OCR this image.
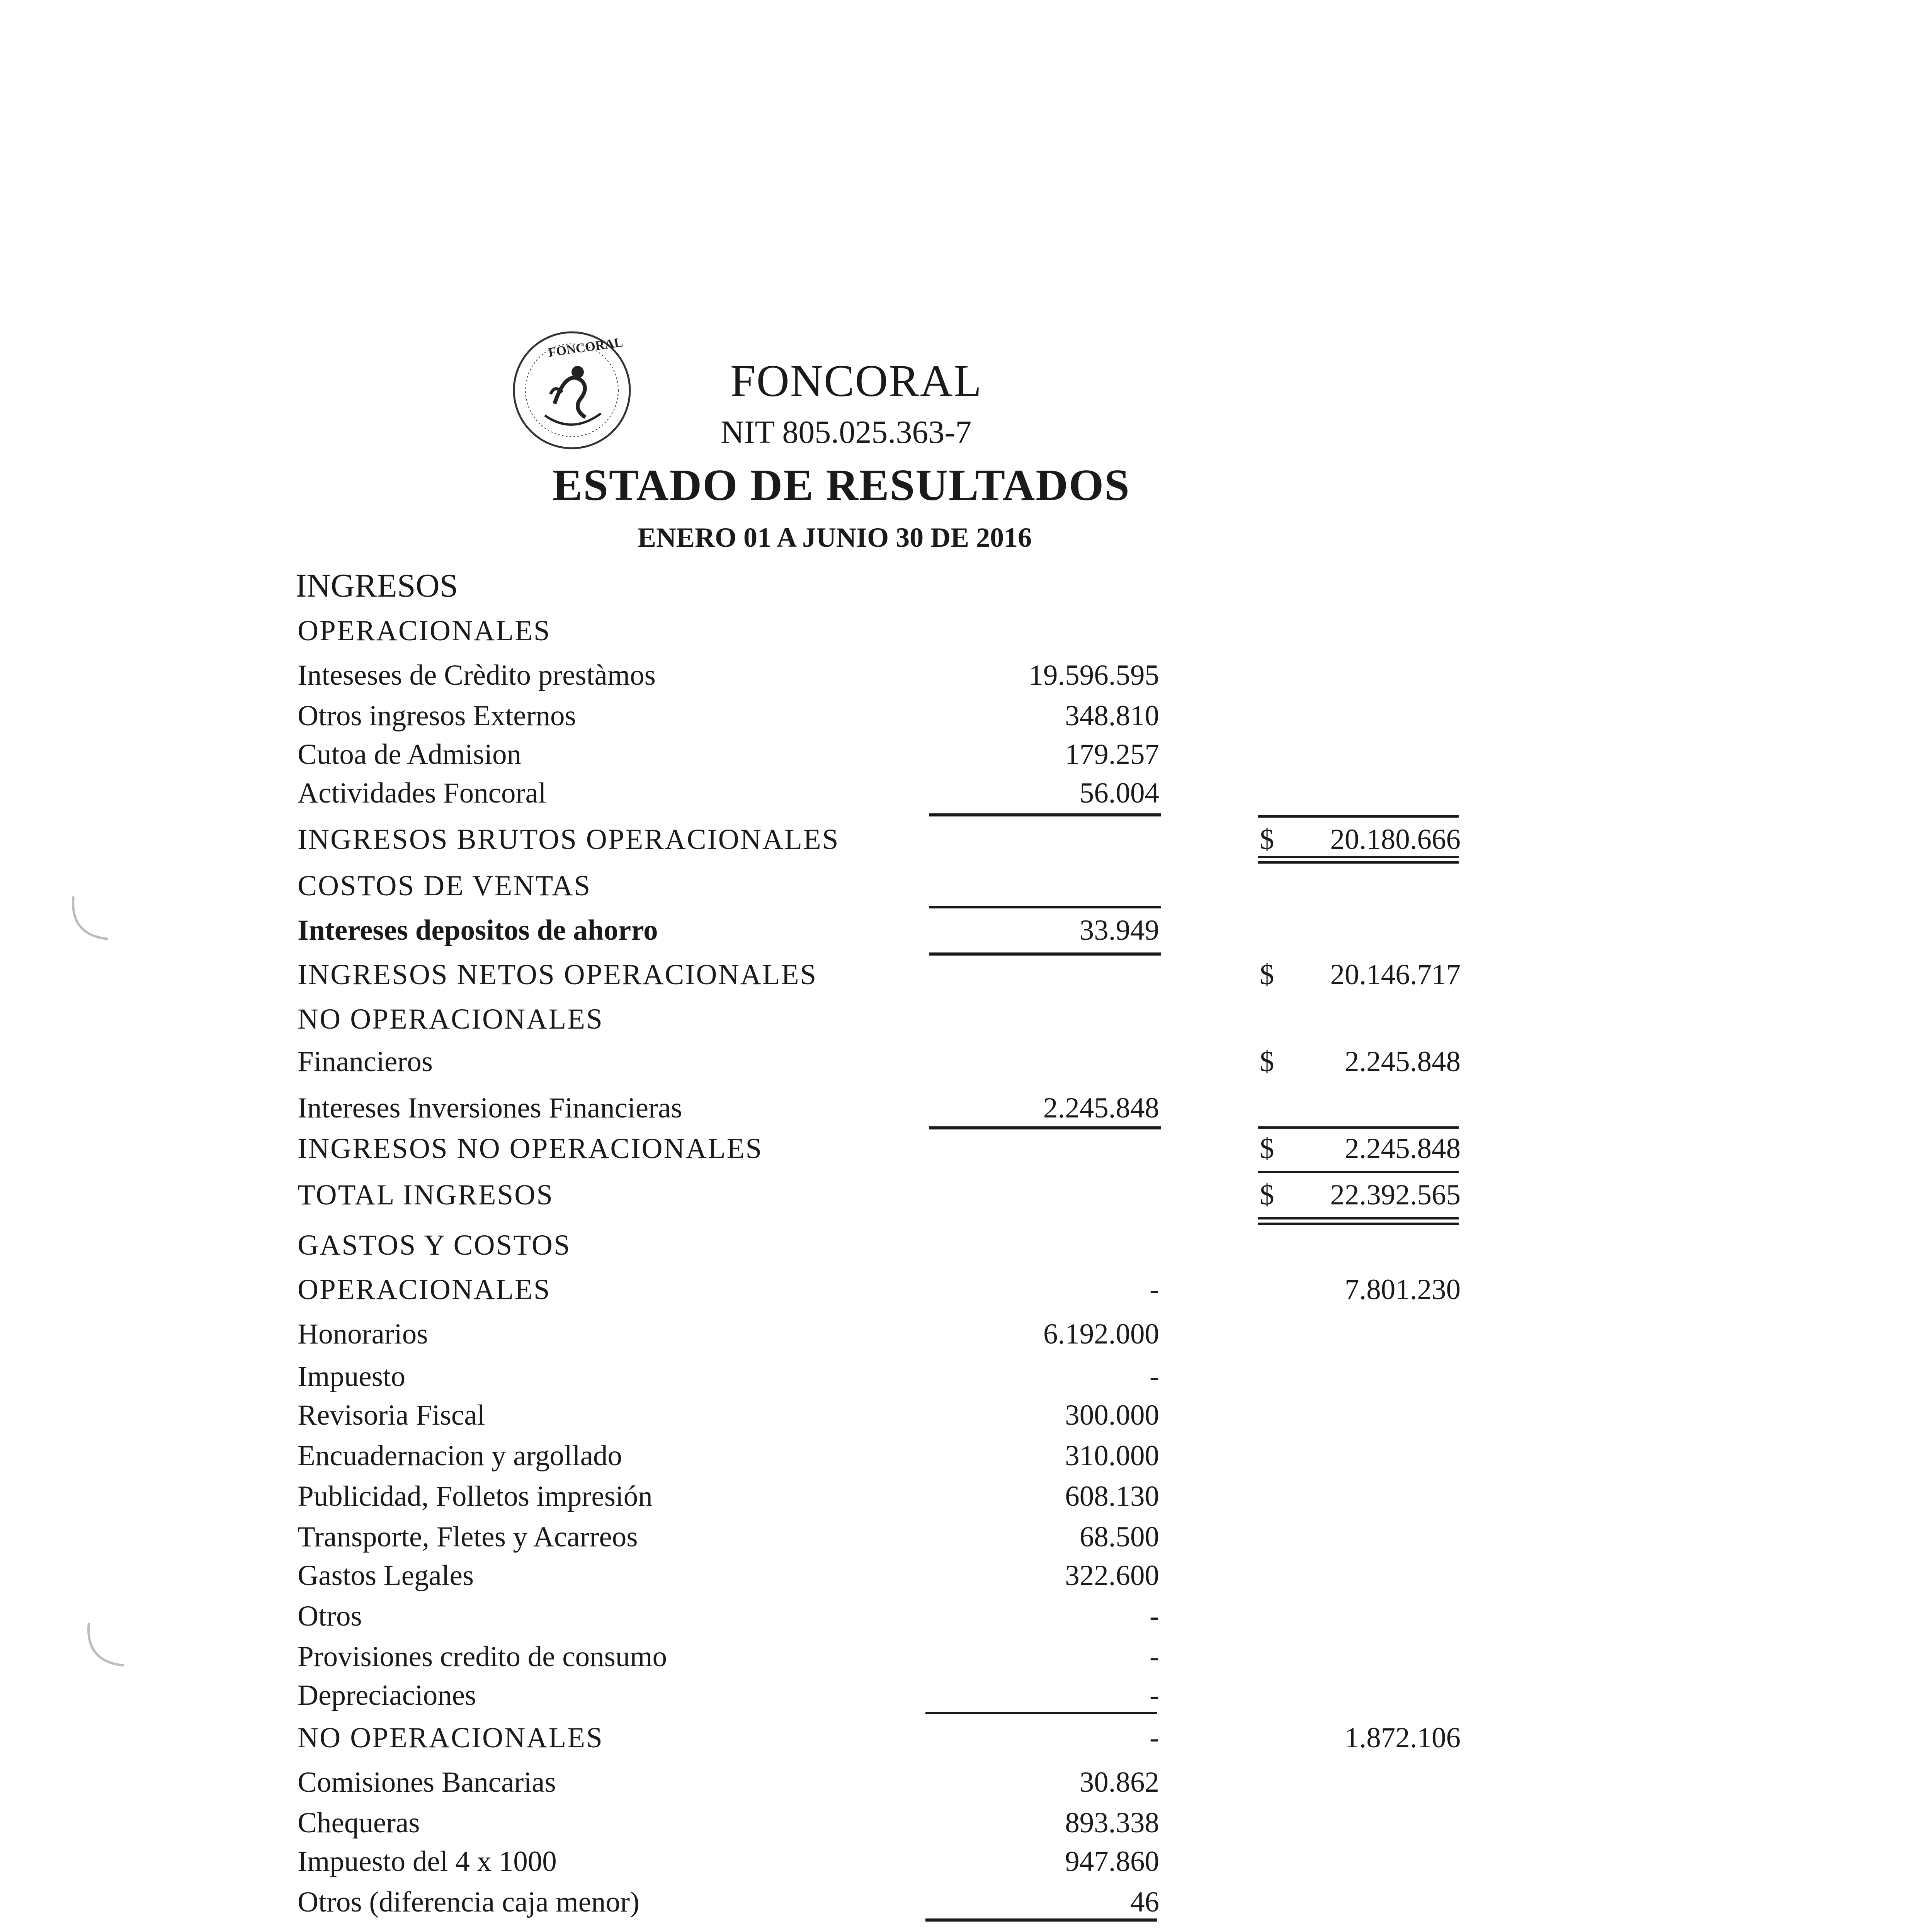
FONCORAL
FONCORAL
NIT 805.025.363-7
ESTADO DE RESULTADOS
ENERO 01 A JUNIO 30 DE 2016
INGRESOS
OPERACIONALES
Inteseses de Crèdito prestàmos	19.596.595
Otros ingresos Externos	348.810
Cutoa de Admision	179.257
Actividades Foncoral	56.004
INGRESOS BRUTOS OPERACIONALES	$ 20.180.666
COSTOS DE VENTAS
Intereses depositos de ahorro	33.949
INGRESOS NETOS OPERACIONALES	$ 20.146.717
NO OPERACIONALES
Financieros	$ 2.245.848
Intereses Inversiones Financieras	2.245.848
INGRESOS NO OPERACIONALES	$ 2.245.848
TOTAL INGRESOS	$ 22.392.565
GASTOS Y COSTOS
OPERACIONALES	-	7.801.230
Honorarios	6.192.000
Impuesto	-
Revisoria Fiscal	300.000
Encuadernacion y argollado	310.000
Publicidad, Folletos impresión	608.130
Transporte, Fletes y Acarreos	68.500
Gastos Legales	322.600
Otros	-
Provisiones credito de consumo	-
Depreciaciones	-
NO OPERACIONALES	-	1.872.106
Comisiones Bancarias	30.862
Chequeras	893.338
Impuesto del 4 x 1000	947.860
Otros (diferencia caja menor)	46
